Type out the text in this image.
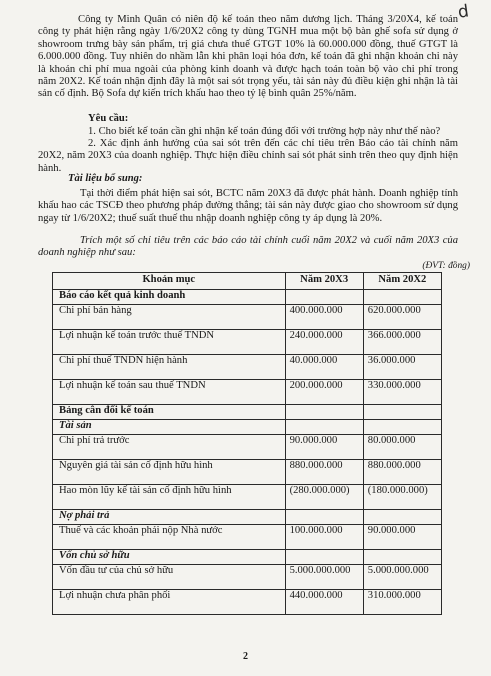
d
Công ty Minh Quân có niên độ kế toán theo năm dương lịch. Tháng 3/20X4, kế toán công ty phát hiện rằng ngày 1/6/20X2 công ty dùng TGNH mua một bộ bàn ghế sofa sử dụng ở showroom trưng bày sản phẩm, trị giá chưa thuế GTGT 10% là 60.000.000 đồng, thuế GTGT là 6.000.000 đồng. Tuy nhiên do nhầm lẫn khi phân loại hóa đơn, kế toán đã ghi nhận khoản chi này là khoản chi phí mua ngoài của phòng kinh doanh và được hạch toán toàn bộ vào chi phí trong năm 20X2. Kế toán nhận định đây là một sai sót trọng yếu, tài sản này đủ điều kiện ghi nhận là tài sản cố định. Bộ Sofa dự kiến trích khấu hao theo tỷ lệ bình quân 25%/năm.
Yêu cầu:
1. Cho biết kế toán cần ghi nhận kế toán đúng đối với trường hợp này như thế nào?
2. Xác định ảnh hưởng của sai sót trên đến các chỉ tiêu trên Báo cáo tài chính năm 20X2, năm 20X3 của doanh nghiệp. Thực hiện điều chỉnh sai sót phát sinh trên theo quy định hiện hành.
Tài liệu bổ sung:
Tại thời điểm phát hiện sai sót, BCTC năm 20X3 đã được phát hành. Doanh nghiệp tính khấu hao các TSCĐ theo phương pháp đường thẳng; tài sản này được giao cho showroom sử dụng ngay từ 1/6/20X2; thuế suất thuế thu nhập doanh nghiệp công ty áp dụng là 20%.
Trích một số chỉ tiêu trên các báo cáo tài chính cuối năm 20X2 và cuối năm 20X3 của doanh nghiệp như sau:
(ĐVT: đồng)
Khoản mục	Năm 20X3	Năm 20X2
Báo cáo kết quả kinh doanh		
Chi phí bán hàng	400.000.000	620.000.000
Lợi nhuận kế toán trước thuế TNDN	240.000.000	366.000.000
Chi phí thuế TNDN hiện hành	40.000.000	36.000.000
Lợi nhuận kế toán sau thuế TNDN	200.000.000	330.000.000
Bảng cân đối kế toán		
Tài sản		
Chi phí trả trước	90.000.000	80.000.000
Nguyên giá tài sản cố định hữu hình	880.000.000	880.000.000
Hao mòn lũy kế tài sản cố định hữu hình	(280.000.000)	(180.000.000)
Nợ phải trả		
Thuế và các khoản phải nộp Nhà nước	100.000.000	90.000.000
Vốn chủ sở hữu		
Vốn đầu tư của chủ sở hữu	5.000.000.000	5.000.000.000
Lợi nhuận chưa phân phối	440.000.000	310.000.000
2
